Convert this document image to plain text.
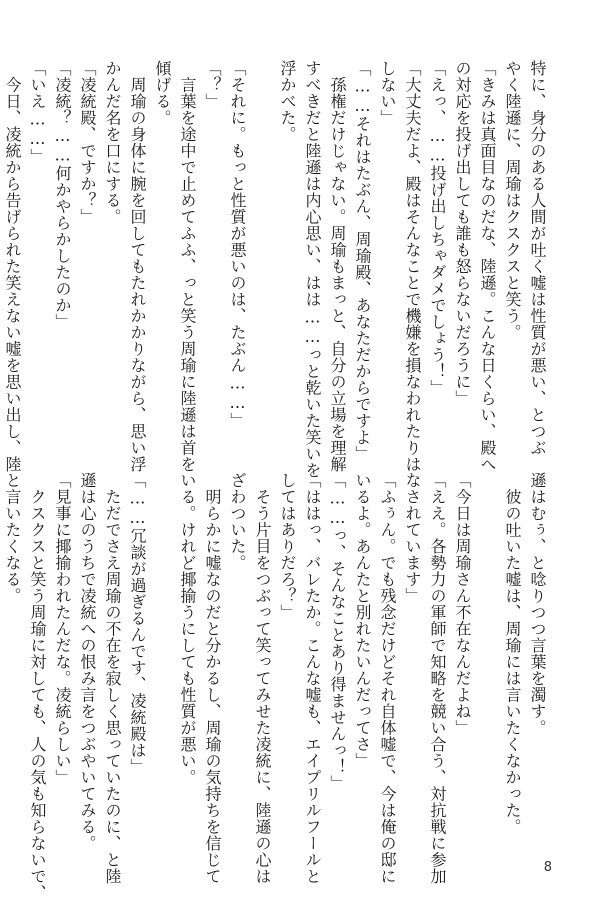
特に、身分のある人間が吐く嘘は性質が悪い、とつぶ
やく陸遜に、周瑜はクスクスと笑う。
「きみは真面目なのだな、陸遜。こんな日くらい、殿へ
の対応を投げ出しても誰も怒らないだろうに」
「えっ、……投げ出しちゃダメでしょう！」
「大丈夫だよ、殿はそんなことで機嫌を損なわれたりは
しない」
「……それはたぶん、周瑜殿、あなただからですよ」
　孫権だけじゃない。周瑜もまっと、自分の立場を理解
すべきだと陸遜は内心思い、はは……っと乾いた笑いを
浮かべた。

「それに。もっと性質が悪いのは、たぶん……」
「？」
　言葉を途中で止めてふふ、っと笑う周瑜に陸遜は首を
傾げる。
　周瑜の身体に腕を回してもたれかかりながら、思い浮
かんだ名を口にする。
「凌統殿、ですか？」
「凌統？……何かやらかしたのか」
「いえ……」
　今日、凌統から告げられた笑えない嘘を思い出し、陸
遜はむぅ、と唸りつつ言葉を濁す。
　彼の吐いた嘘は、周瑜には言いたくなかった。

「今日は周瑜さん不在なんだよね」
「ええ。各勢力の軍師で知略を競い合う、対抗戦に参加
なされています」
「ふぅん。でも残念だけどそれ自体嘘で、今は俺の邸に
いるよ。あんたと別れたいんだってさ」
「……っ、そんなことあり得ませんっ！」
「ははっ、バレたか。こんな嘘も、エイプリルフールと
してはありだろ？」
　そう片目をつぶって笑ってみせた凌統に、陸遜の心は
ざわついた。
　明らかに嘘なのだと分かるし、周瑜の気持ちを信じて
いる。けれど揶揄うにしても性質が悪い。

「……冗談が過ぎるんです、凌統殿は」
　ただでさえ周瑜の不在を寂しく思っていたのに、と陸
遜は心のうちで凌統への恨み言をつぶやいてみる。
「見事に揶揄われたんだな。凌統らしい」
　クスクスと笑う周瑜に対しても、人の気も知らないで、
と言いたくなる。
8
